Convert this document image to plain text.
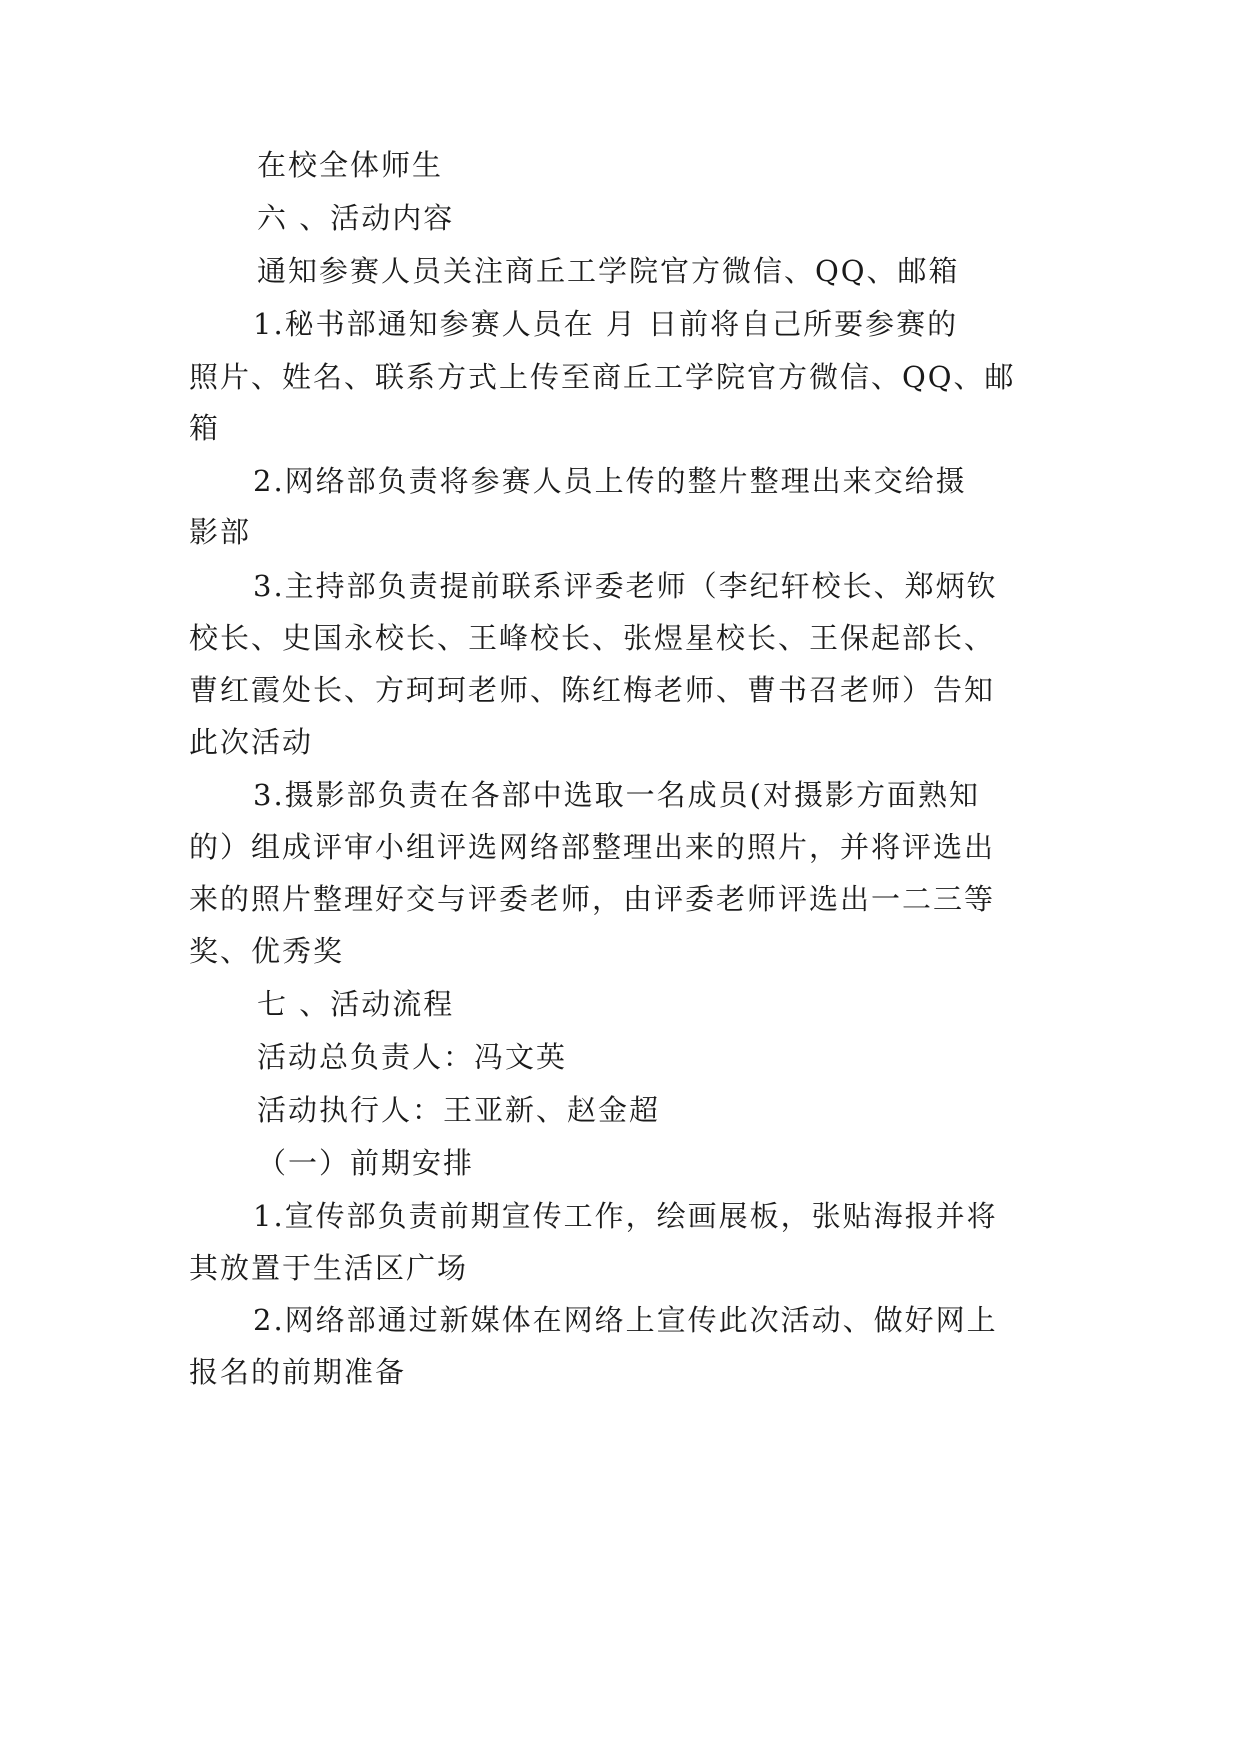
在校全体师生

六 、活动内容

通知参赛人员关注商丘工学院官方微信、QQ、邮箱

1.秘书部通知参赛人员在 月 日前将自己所要参赛的

照片、姓名、联系方式上传至商丘工学院官方微信、QQ、邮

箱

2.网络部负责将参赛人员上传的整片整理出来交给摄

影部

3.主持部负责提前联系评委老师（李纪轩校长、郑炳钦

校长、史国永校长、王峰校长、张煜星校长、王保起部长、

曹红霞处长、方珂珂老师、陈红梅老师、曹书召老师）告知

此次活动

3.摄影部负责在各部中选取一名成员(对摄影方面熟知

的）组成评审小组评选网络部整理出来的照片，并将评选出

来的照片整理好交与评委老师，由评委老师评选出一二三等

奖、优秀奖

七 、活动流程

活动总负责人：冯文英

活动执行人：王亚新、赵金超

（一）前期安排

1.宣传部负责前期宣传工作，绘画展板，张贴海报并将

其放置于生活区广场

2.网络部通过新媒体在网络上宣传此次活动、做好网上

报名的前期准备
